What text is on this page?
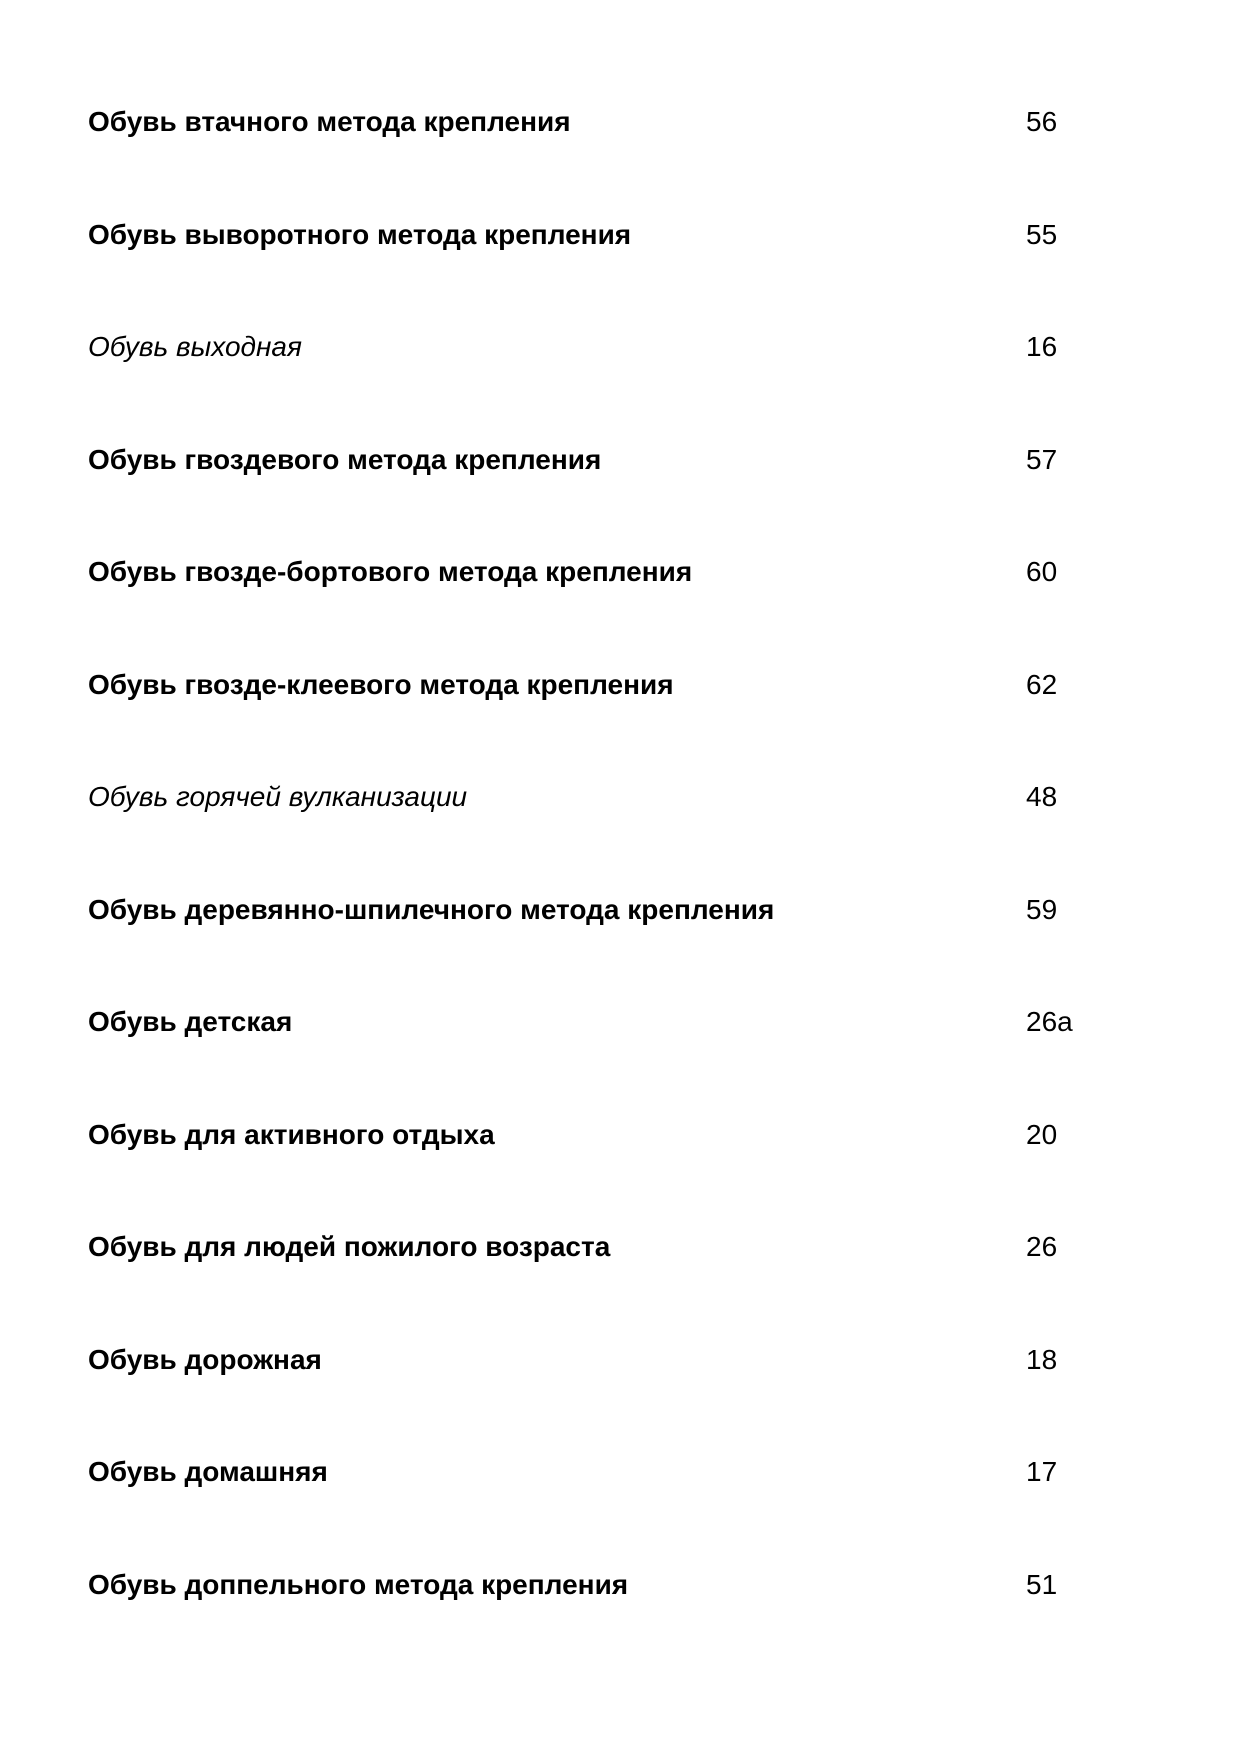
Обувь втачного метода крепления	56
Обувь выворотного метода крепления	55
Обувь выходная	16
Обувь гвоздевого метода крепления	57
Обувь гвозде-бортового метода крепления	60
Обувь гвозде-клеевого метода крепления	62
Обувь горячей вулканизации	48
Обувь деревянно-шпилечного метода крепления	59
Обувь детская	26а
Обувь для активного отдыха	20
Обувь для людей пожилого возраста	26
Обувь дорожная	18
Обувь домашняя	17
Обувь доппельного метода крепления	51
